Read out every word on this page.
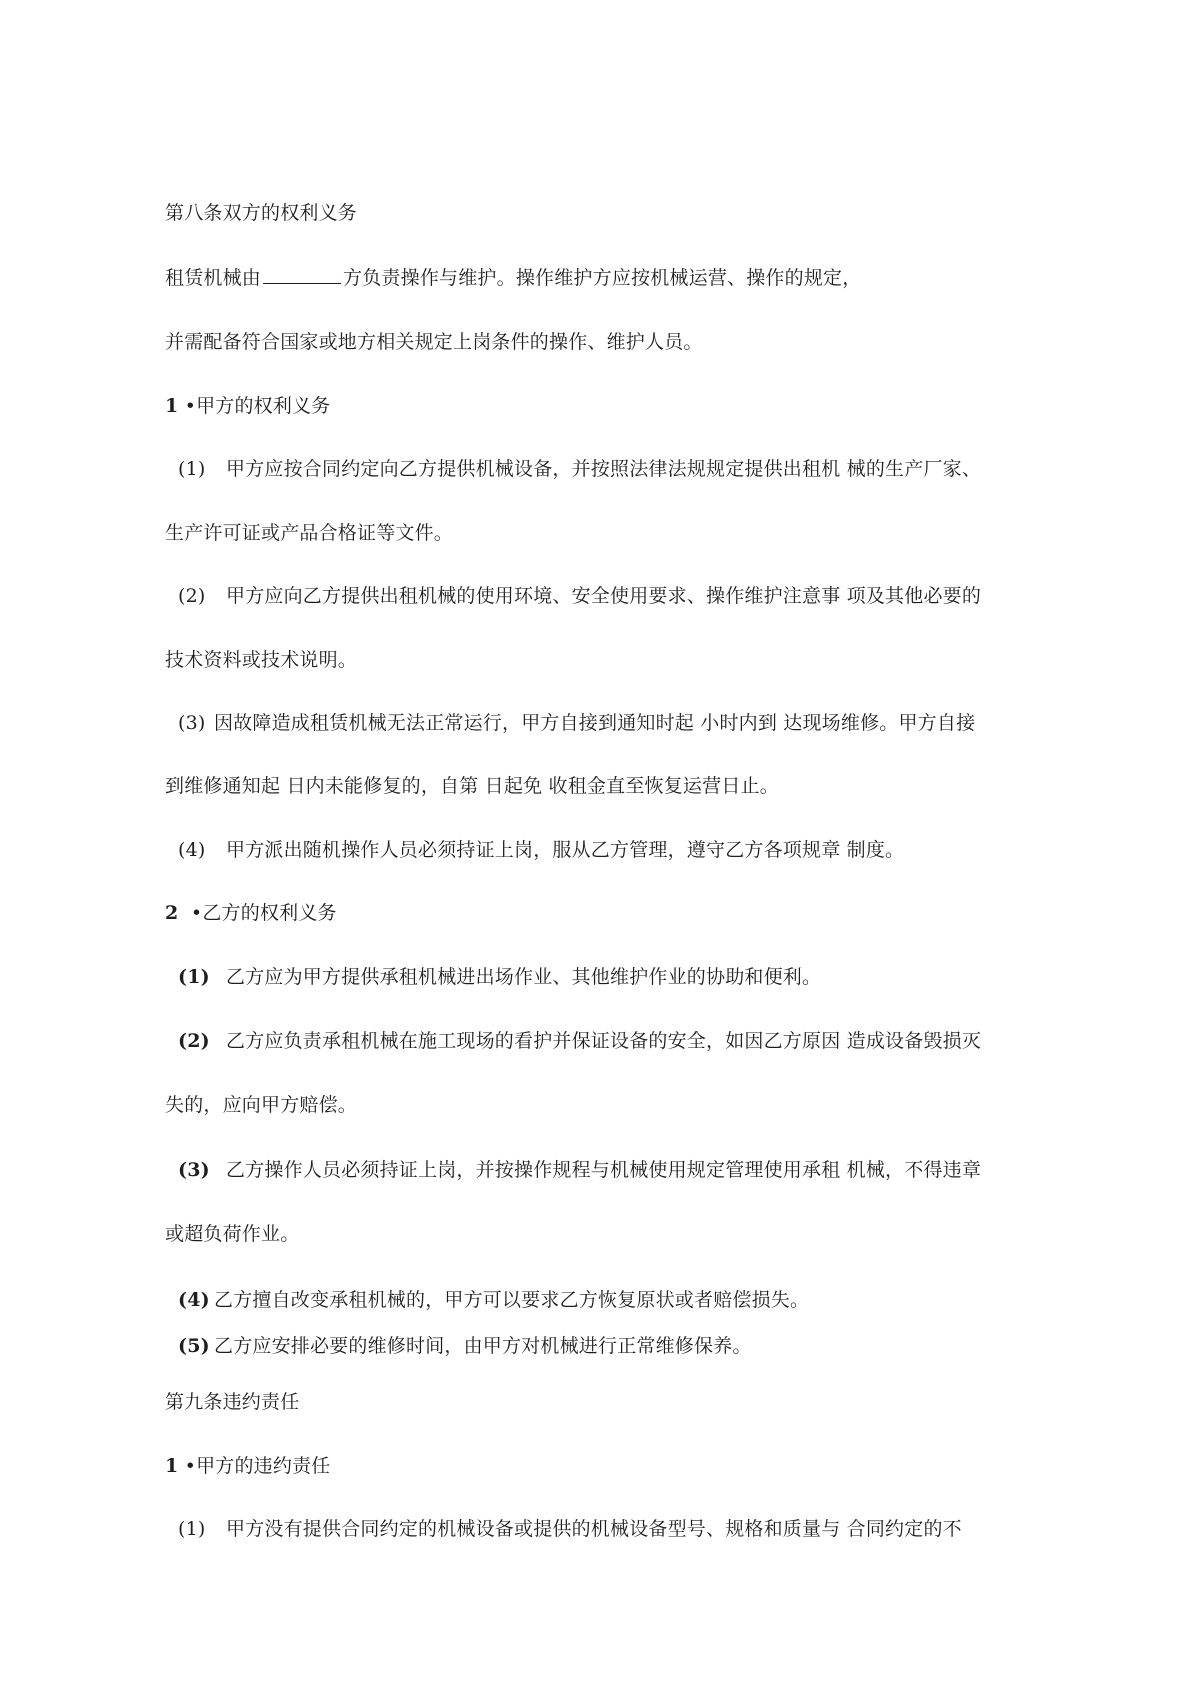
第八条双方的权利义务
租赁机械由	方负责操作与维护。操作维护方应按机械运营、操作的规定，
并需配备符合国家或地方相关规定上岗条件的操作、维护人员。
1 •甲方的权利义务
(1) 甲方应按合同约定向乙方提供机械设备，并按照法律法规规定提供出租机 械的生产厂家、
生产许可证或产品合格证等文件。
(2) 甲方应向乙方提供出租机械的使用环境、安全使用要求、操作维护注意事 项及其他必要的
技术资料或技术说明。
(3) 因故障造成租赁机械无法正常运行，甲方自接到通知时起 小时内到 达现场维修。甲方自接
到维修通知起 日内未能修复的，自第 日起免 收租金直至恢复运营日止。
(4) 甲方派出随机操作人员必须持证上岗，服从乙方管理，遵守乙方各项规章 制度。
2 •乙方的权利义务
(1) 乙方应为甲方提供承租机械进出场作业、其他维护作业的协助和便利。
(2) 乙方应负责承租机械在施工现场的看护并保证设备的安全，如因乙方原因 造成设备毁损灭
失的，应向甲方赔偿。
(3) 乙方操作人员必须持证上岗，并按操作规程与机械使用规定管理使用承租 机械，不得违章
或超负荷作业。
(4) 乙方擅自改变承租机械的，甲方可以要求乙方恢复原状或者赔偿损失。
(5) 乙方应安排必要的维修时间，由甲方对机械进行正常维修保养。
第九条违约责任
1 •甲方的违约责任
(1) 甲方没有提供合同约定的机械设备或提供的机械设备型号、规格和质量与 合同约定的不
